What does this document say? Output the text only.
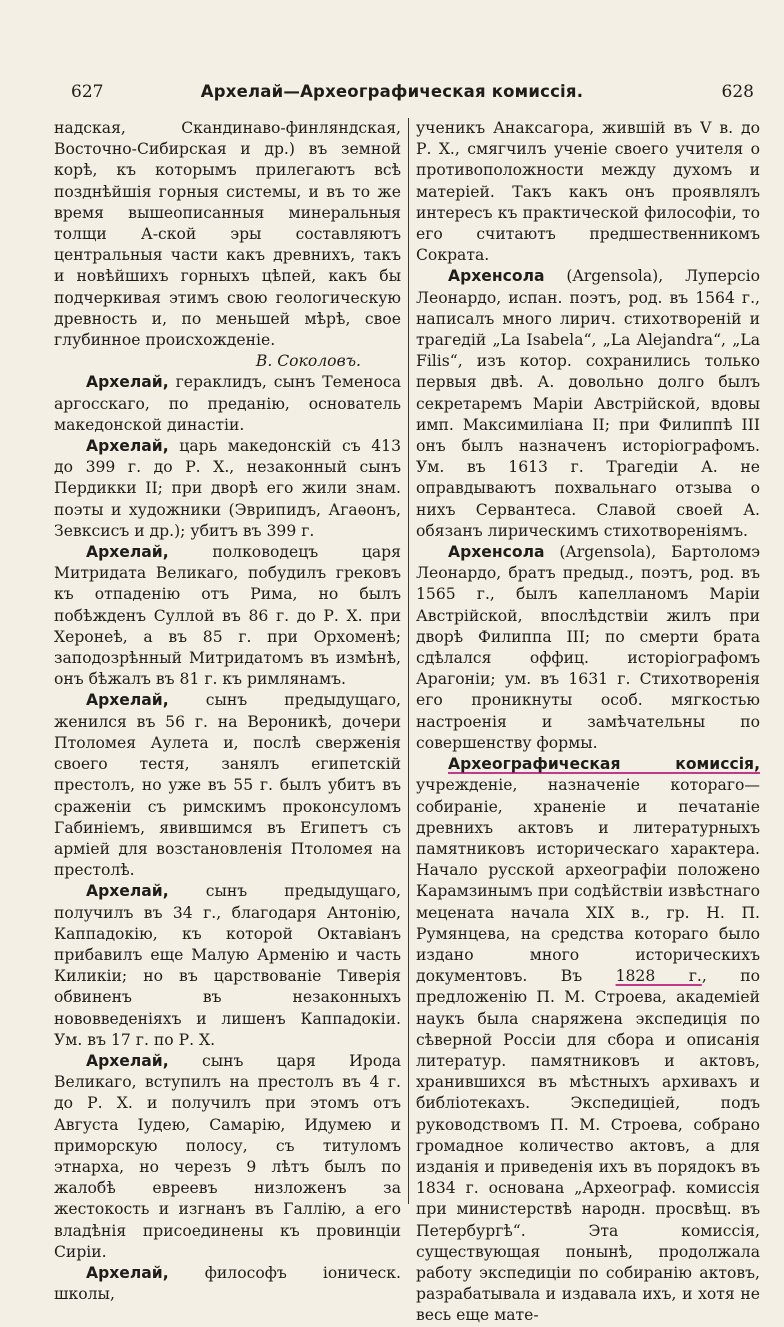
627	Архелай—Археографическая комиссія.	628

надская, Скандинаво-финляндская, Восточно-Сибирская и др.) въ земной корѣ, къ которымъ прилегаютъ всѣ позднѣйшія горныя системы, и въ то же время вышеописанныя минеральныя толщи А-ской эры составляютъ центральныя части какъ древнихъ, такъ и новѣйшихъ горныхъ цѣпей, какъ бы подчеркивая этимъ свою геологическую древность и, по меньшей мѣрѣ, свое глубинное происхожденіе.

В. Соколовъ.

Архелай, гераклидъ, сынъ Теменоса аргосскаго, по преданію, основатель македонской династіи.

Архелай, царь македонскій съ 413 до 399 г. до Р. Х., незаконный сынъ Пердикки II; при дворѣ его жили знам. поэты и художники (Эврипидъ, Агаѳонъ, Зевксисъ и др.); убитъ въ 399 г.

Архелай, полководецъ царя Митридата Великаго, побудилъ грековъ къ отпаденію отъ Рима, но былъ побѣжденъ Суллой въ 86 г. до Р. Х. при Херонеѣ, а въ 85 г. при Орхоменѣ; заподозрѣнный Митридатомъ въ измѣнѣ, онъ бѣжалъ въ 81 г. къ римлянамъ.

Архелай, сынъ предыдущаго, женился въ 56 г. на Вероникѣ, дочери Птоломея Аулета и, послѣ сверженія своего тестя, занялъ египетскій престолъ, но уже въ 55 г. былъ убитъ въ сраженіи съ римскимъ проконсуломъ Габиніемъ, явившимся въ Египетъ съ арміей для возстановленія Птоломея на престолѣ.

Архелай, сынъ предыдущаго, получилъ въ 34 г., благодаря Антонію, Каппадокію, къ которой Октавіанъ прибавилъ еще Малую Арменію и часть Киликіи; но въ царствованіе Тиверія обвиненъ въ незаконныхъ нововведеніяхъ и лишенъ Каппадокіи. Ум. въ 17 г. по Р. Х.

Архелай, сынъ царя Ирода Великаго, вступилъ на престолъ въ 4 г. до Р. Х. и получилъ при этомъ отъ Августа Іудею, Самарію, Идумею и приморскую полосу, съ титуломъ этнарха, но черезъ 9 лѣтъ былъ по жалобѣ евреевъ низложенъ за жестокость и изгнанъ въ Галлію, а его владѣнія присоединены къ провинціи Сиріи.

Архелай, философъ іоническ. школы,

ученикъ Анаксагора, жившій въ V в. до Р. Х., смягчилъ ученіе своего учителя о противоположности между духомъ и матеріей. Такъ какъ онъ проявлялъ интересъ къ практической философіи, то его считаютъ предшественникомъ Сократа.

Архенсола (Argensola), Луперсіо Леонардо, испан. поэтъ, род. въ 1564 г., написалъ много лирич. стихотвореній и трагедій „La Isabela“, „La Alejandra“, „La Filis“, изъ котор. сохранились только первыя двѣ. А. довольно долго былъ секретаремъ Маріи Австрійской, вдовы имп. Максимиліана II; при Филиппѣ III онъ былъ назначенъ исторіографомъ. Ум. въ 1613 г. Трагедіи А. не оправдываютъ похвальнаго отзыва о нихъ Сервантеса. Славой своей А. обязанъ лирическимъ стихотвореніямъ.

Архенсола (Argensola), Бартоломэ Леонардо, братъ предыд., поэтъ, род. въ 1565 г., былъ капелланомъ Маріи Австрійской, впослѣдствіи жилъ при дворѣ Филиппа III; по смерти брата сдѣлался оффиц. исторіографомъ Арагоніи; ум. въ 1631 г. Стихотворенія его проникнуты особ. мягкостью настроенія и замѣчательны по совершенству формы.

Археографическая комиссія, учрежденіе, назначеніе котораго—собираніе, храненіе и печатаніе древнихъ актовъ и литературныхъ памятниковъ историческаго характера. Начало русской археографіи положено Карамзинымъ при содѣйствіи извѣстнаго мецената начала XIX в., гр. Н. П. Румянцева, на средства котораго было издано много историческихъ документовъ. Въ 1828 г., по предложенію П. М. Строева, академіей наукъ была снаряжена экспедиція по сѣверной Россіи для сбора и описанія литератур. памятниковъ и актовъ, хранившихся въ мѣстныхъ архивахъ и библіотекахъ. Экспедиціей, подъ руководствомъ П. М. Строева, собрано громадное количество актовъ, а для изданія и приведенія ихъ въ порядокъ въ 1834 г. основана „Археограф. комиссія при министерствѣ народн. просвѣщ. въ Петербургѣ“. Эта комиссія, существующая понынѣ, продолжала работу экспедиціи по собиранію актовъ, разрабатывала и издавала ихъ, и хотя не весь еще мате-
